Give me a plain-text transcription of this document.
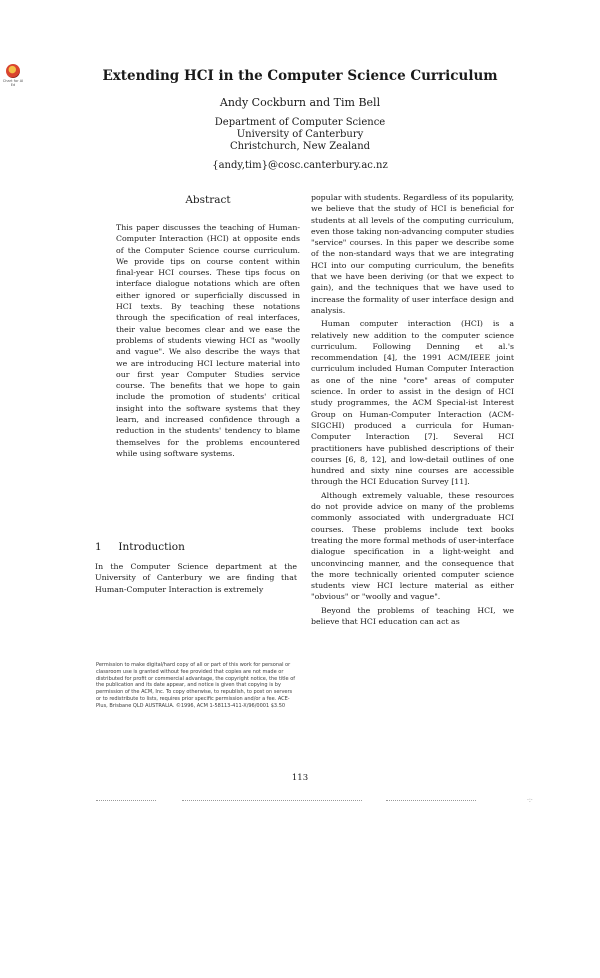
Chart for AI Ed
Extending HCI in the Computer Science Curriculum
Andy Cockburn and Tim Bell
Department of Computer Science
University of Canterbury
Christchurch, New Zealand
{andy,tim}@cosc.canterbury.ac.nz
Abstract

This paper discusses the teaching of Human-Computer Interaction (HCI) at opposite ends of the Computer Science course curriculum. We provide tips on course content within final-year HCI courses. These tips focus on interface dialogue notations which are often either ignored or superficially discussed in HCI texts. By teaching these notations through the specification of real interfaces, their value becomes clear and we ease the problems of students viewing HCI as "woolly and vague". We also describe the ways that we are introducing HCI lecture material into our first year Computer Studies service course. The benefits that we hope to gain include the promotion of students' critical insight into the software systems that they learn, and increased confidence through a reduction in the students' tendency to blame themselves for the problems encountered while using software systems.

1 Introduction

In the Computer Science department at the University of Canterbury we are finding that Human-Computer Interaction is extremely

popular with students. Regardless of its popularity, we believe that the study of HCI is beneficial for students at all levels of the computing curriculum, even those taking non-advancing computer studies "service" courses. In this paper we describe some of the non-standard ways that we are integrating HCI into our computing curriculum, the benefits that we have been deriving (or that we expect to gain), and the techniques that we have used to increase the formality of user interface design and analysis.

Human computer interaction (HCI) is a relatively new addition to the computer science curriculum. Following Denning et al.'s recommendation [4], the 1991 ACM/IEEE joint curriculum included Human Computer Interaction as one of the nine "core" areas of computer science. In order to assist in the design of HCI study programmes, the ACM Special-ist Interest Group on Human-Computer Interaction (ACM-SIGCHI) produced a curricula for Human-Computer Interaction [7]. Several HCI practitioners have published descriptions of their courses [6, 8, 12], and low-detail outlines of one hundred and sixty nine courses are accessible through the HCI Education Survey [11].

Although extremely valuable, these resources do not provide advice on many of the problems commonly associated with undergraduate HCI courses. These problems include text books treating the more formal methods of user-interface dialogue specification in a light-weight and unconvincing manner, and the consequence that the more technically oriented computer science students view HCI lecture material as either "obvious" or "woolly and vague".

Beyond the problems of teaching HCI, we believe that HCI education can act as

Permission to make digital/hard copy of all or part of this work for personal or classroom use is granted without fee provided that copies are not made or distributed for profit or commercial advantage, the copyright notice, the title of the publication and its date appear, and notice is given that copying is by permission of the ACM, Inc. To copy otherwise, to republish, to post on servers or to redistribute to lists, requires prior specific permission and/or a fee. ACE-Plus, Brisbane QLD AUSTRALIA. ©1996, ACM 1-58113-411-X/96/0001 $3.50

113
·:·
